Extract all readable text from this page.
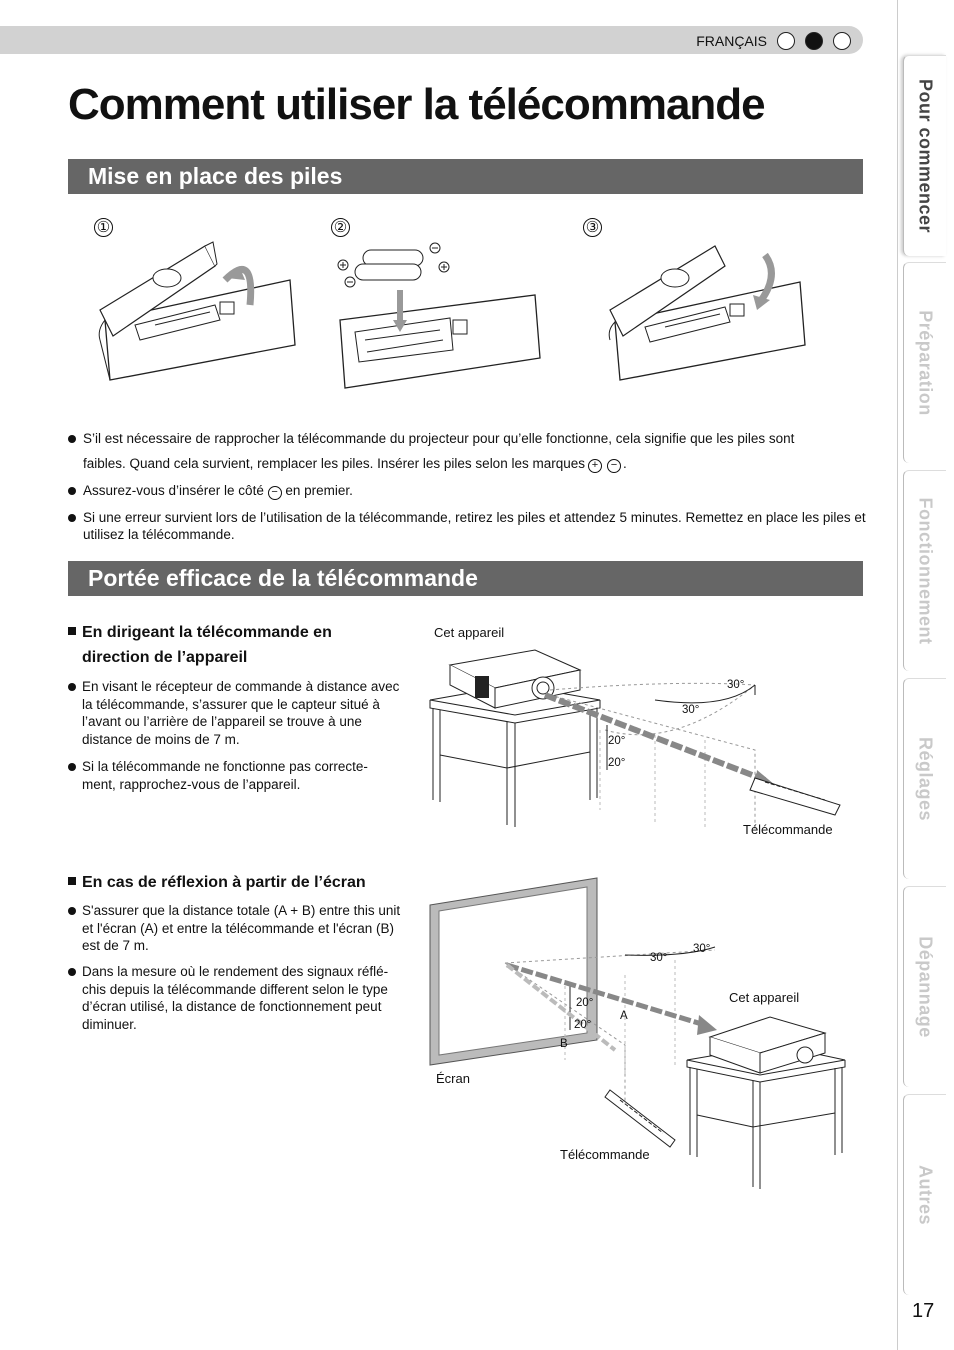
FRANÇAIS
Comment utiliser la télécommande
Mise en place des piles
①	②	③
S’il est nécessaire de rapprocher la télécommande du projecteur pour qu’elle fonctionne, cela signifie que les piles sont
faibles. Quand cela survient, remplacer les piles. Insérer les piles selon les marques + − .
Assurez-vous d’insérer le côté − en premier.
Si une erreur survient lors de l’utilisation de la télécommande, retirez les piles et attendez 5 minutes. Remettez en place les piles et utilisez la télécommande.
Portée efficace de la télécommande
En dirigeant la télécommande en
direction de l’appareil
En visant le récepteur de commande à distance avec la télécommande, s’assurer que le capteur situé à l’avant ou l’arrière de l’appareil se trouve à une distance de moins de 7 m.
Si la télécommande ne fonctionne pas correcte-ment, rapprochez-vous de l’appareil.
Cet appareil
Télécommande
30°
30°
20°
20°
En cas de réflexion à partir de l’écran
S'assurer que la distance totale (A + B) entre this unit et l'écran (A) et entre la télécommande et l'écran (B) est de 7 m.
Dans la mesure où le rendement des signaux réflé-chis depuis la télécommande different selon le type d’écran utilisé, la distance de fonctionnement peut diminuer.
Écran
Cet appareil
Télécommande
30°
30°
20°
20°
A
B
Pour commencer
Préparation
Fonctionnement
Réglages
Dépannage
Autres
17
